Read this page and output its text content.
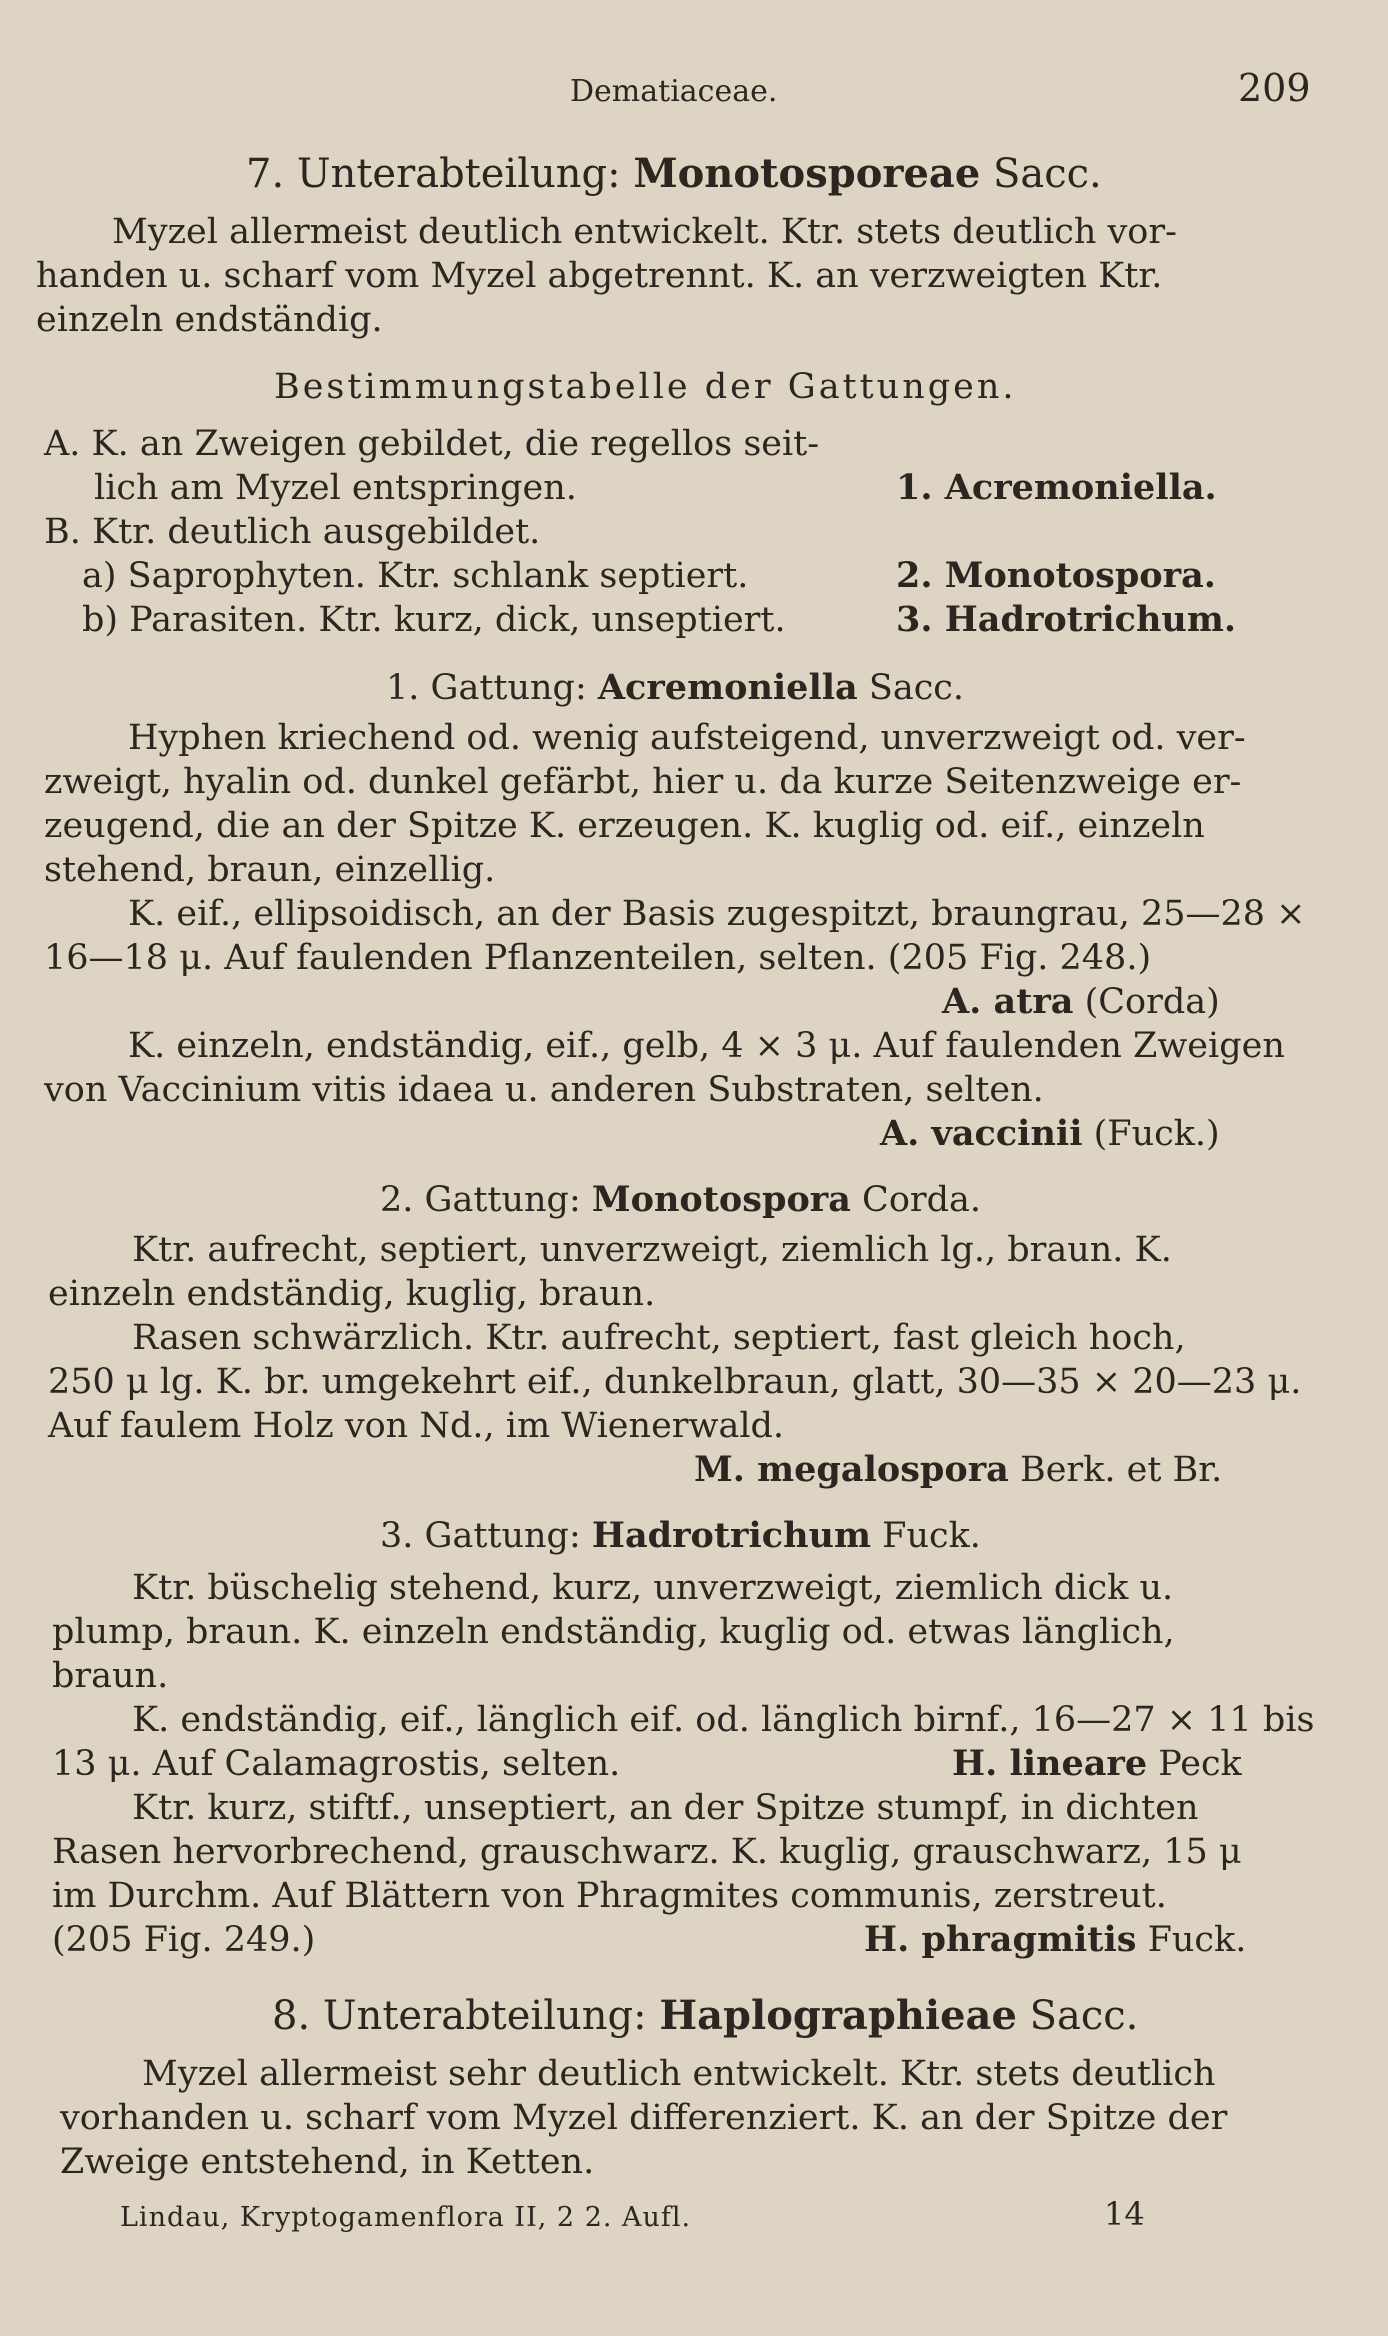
Dematiaceae.	209
7. Unterabteilung: Monotosporeae Sacc.
Myzel allermeist deutlich entwickelt. Ktr. stets deutlich vor-
handen u. scharf vom Myzel abgetrennt. K. an verzweigten Ktr.
einzeln endständig.
Bestimmungstabelle der Gattungen.
A. K. an Zweigen gebildet, die regellos seit-
lich am Myzel entspringen.	1. Acremoniella.
B. Ktr. deutlich ausgebildet.
a) Saprophyten. Ktr. schlank septiert.	2. Monotospora.
b) Parasiten. Ktr. kurz, dick, unseptiert.	3. Hadrotrichum.
1. Gattung: Acremoniella Sacc.
Hyphen kriechend od. wenig aufsteigend, unverzweigt od. ver-
zweigt, hyalin od. dunkel gefärbt, hier u. da kurze Seitenzweige er-
zeugend, die an der Spitze K. erzeugen. K. kuglig od. eif., einzeln
stehend, braun, einzellig.
K. eif., ellipsoidisch, an der Basis zugespitzt, braungrau, 25—28 ×
16—18 μ. Auf faulenden Pflanzenteilen, selten. (205 Fig. 248.)
A. atra (Corda)
K. einzeln, endständig, eif., gelb, 4 × 3 μ. Auf faulenden Zweigen
von Vaccinium vitis idaea u. anderen Substraten, selten.
A. vaccinii (Fuck.)
2. Gattung: Monotospora Corda.
Ktr. aufrecht, septiert, unverzweigt, ziemlich lg., braun. K.
einzeln endständig, kuglig, braun.
Rasen schwärzlich. Ktr. aufrecht, septiert, fast gleich hoch,
250 μ lg. K. br. umgekehrt eif., dunkelbraun, glatt, 30—35 × 20—23 μ.
Auf faulem Holz von Nd., im Wienerwald.
M. megalospora Berk. et Br.
3. Gattung: Hadrotrichum Fuck.
Ktr. büschelig stehend, kurz, unverzweigt, ziemlich dick u.
plump, braun. K. einzeln endständig, kuglig od. etwas länglich,
braun.
K. endständig, eif., länglich eif. od. länglich birnf., 16—27 × 11 bis
13 μ. Auf Calamagrostis, selten.	H. lineare Peck
Ktr. kurz, stiftf., unseptiert, an der Spitze stumpf, in dichten
Rasen hervorbrechend, grauschwarz. K. kuglig, grauschwarz, 15 μ
im Durchm. Auf Blättern von Phragmites communis, zerstreut.
(205 Fig. 249.)	H. phragmitis Fuck.
8. Unterabteilung: Haplographieae Sacc.
Myzel allermeist sehr deutlich entwickelt. Ktr. stets deutlich
vorhanden u. scharf vom Myzel differenziert. K. an der Spitze der
Zweige entstehend, in Ketten.
Lindau, Kryptogamenflora II, 2 2. Aufl.	14
